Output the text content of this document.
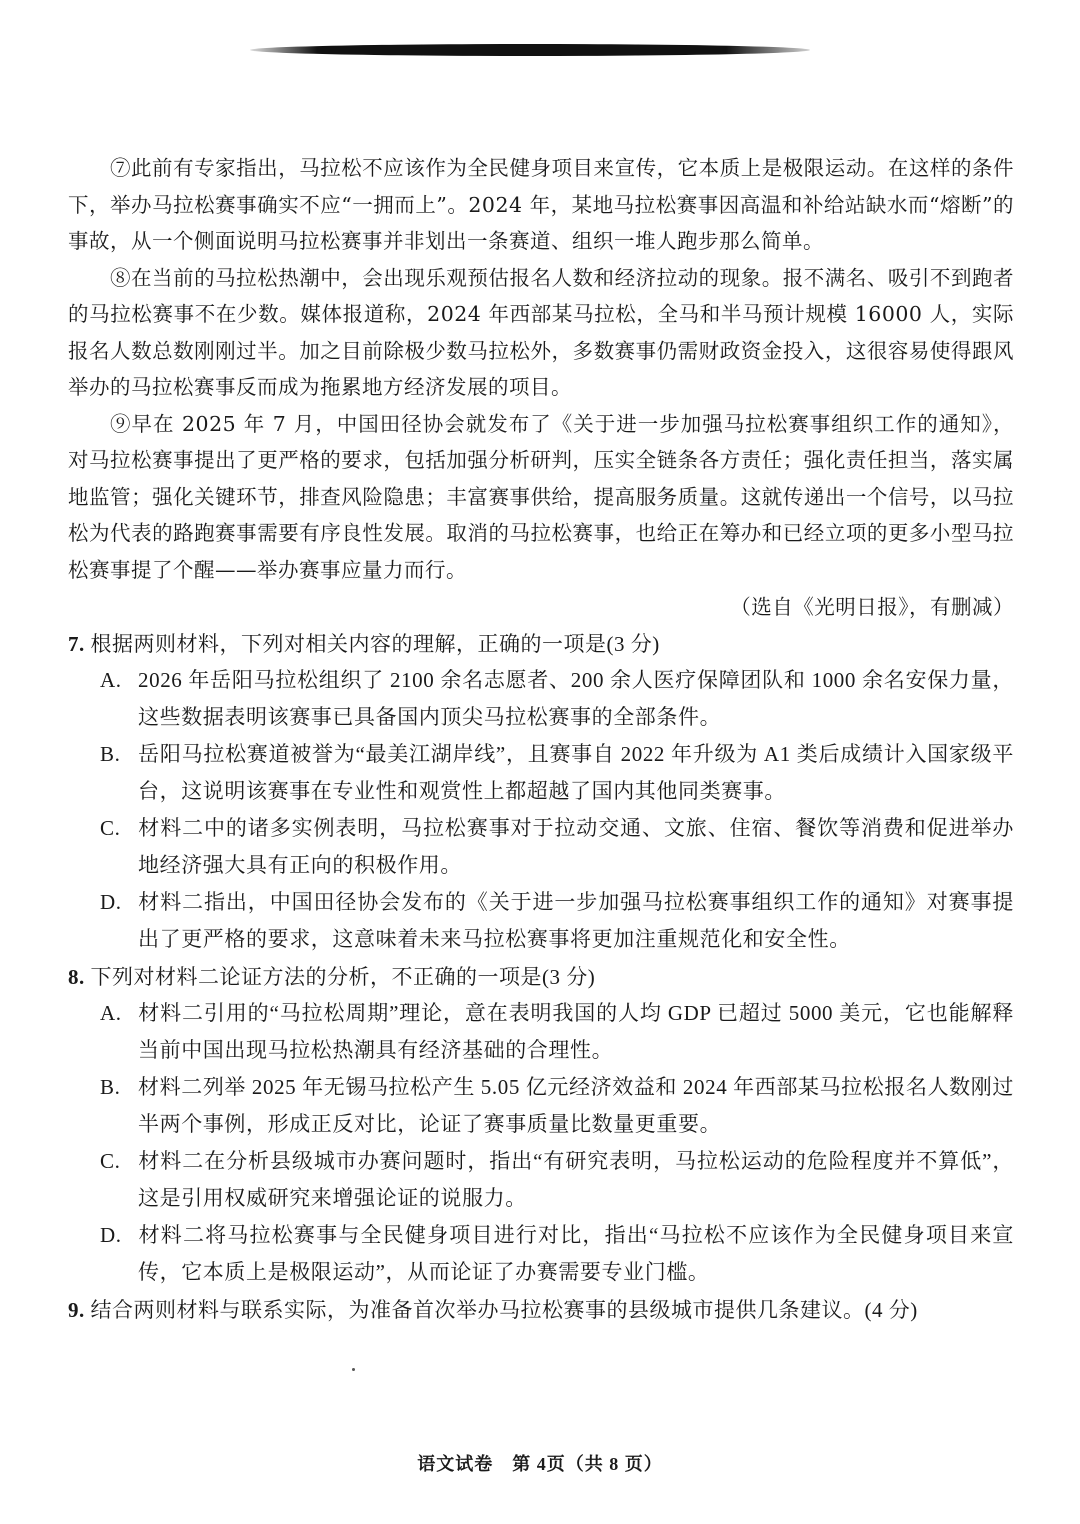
⑦此前有专家指出，马拉松不应该作为全民健身项目来宣传，它本质上是极限运动。在这样的条件下，举办马拉松赛事确实不应“一拥而上”。2024 年，某地马拉松赛事因高温和补给站缺水而“熔断”的事故，从一个侧面说明马拉松赛事并非划出一条赛道、组织一堆人跑步那么简单。

⑧在当前的马拉松热潮中，会出现乐观预估报名人数和经济拉动的现象。报不满名、吸引不到跑者的马拉松赛事不在少数。媒体报道称，2024 年西部某马拉松，全马和半马预计规模 16000 人，实际报名人数总数刚刚过半。加之目前除极少数马拉松外，多数赛事仍需财政资金投入，这很容易使得跟风举办的马拉松赛事反而成为拖累地方经济发展的项目。

⑨早在 2025 年 7 月，中国田径协会就发布了《关于进一步加强马拉松赛事组织工作的通知》，对马拉松赛事提出了更严格的要求，包括加强分析研判，压实全链条各方责任；强化责任担当，落实属地监管；强化关键环节，排查风险隐患；丰富赛事供给，提高服务质量。这就传递出一个信号，以马拉松为代表的路跑赛事需要有序良性发展。取消的马拉松赛事，也给正在筹办和已经立项的更多小型马拉松赛事提了个醒——举办赛事应量力而行。

（选自《光明日报》，有删减）

7. 根据两则材料，下列对相关内容的理解，正确的一项是(3 分)

A. 2026 年岳阳马拉松组织了 2100 余名志愿者、200 余人医疗保障团队和 1000 余名安保力量，这些数据表明该赛事已具备国内顶尖马拉松赛事的全部条件。

B. 岳阳马拉松赛道被誉为“最美江湖岸线”，且赛事自 2022 年升级为 A1 类后成绩计入国家级平台，这说明该赛事在专业性和观赏性上都超越了国内其他同类赛事。

C. 材料二中的诸多实例表明，马拉松赛事对于拉动交通、文旅、住宿、餐饮等消费和促进举办地经济强大具有正向的积极作用。

D. 材料二指出，中国田径协会发布的《关于进一步加强马拉松赛事组织工作的通知》对赛事提出了更严格的要求，这意味着未来马拉松赛事将更加注重规范化和安全性。

8. 下列对材料二论证方法的分析，不正确的一项是(3 分)

A. 材料二引用的“马拉松周期”理论，意在表明我国的人均 GDP 已超过 5000 美元，它也能解释当前中国出现马拉松热潮具有经济基础的合理性。

B. 材料二列举 2025 年无锡马拉松产生 5.05 亿元经济效益和 2024 年西部某马拉松报名人数刚过半两个事例，形成正反对比，论证了赛事质量比数量更重要。

C. 材料二在分析县级城市办赛问题时，指出“有研究表明，马拉松运动的危险程度并不算低”，这是引用权威研究来增强论证的说服力。

D. 材料二将马拉松赛事与全民健身项目进行对比，指出“马拉松不应该作为全民健身项目来宣传，它本质上是极限运动”，从而论证了办赛需要专业门槛。

9. 结合两则材料与联系实际，为准备首次举办马拉松赛事的县级城市提供几条建议。(4 分)

语文试卷　第 4页（共 8 页）
